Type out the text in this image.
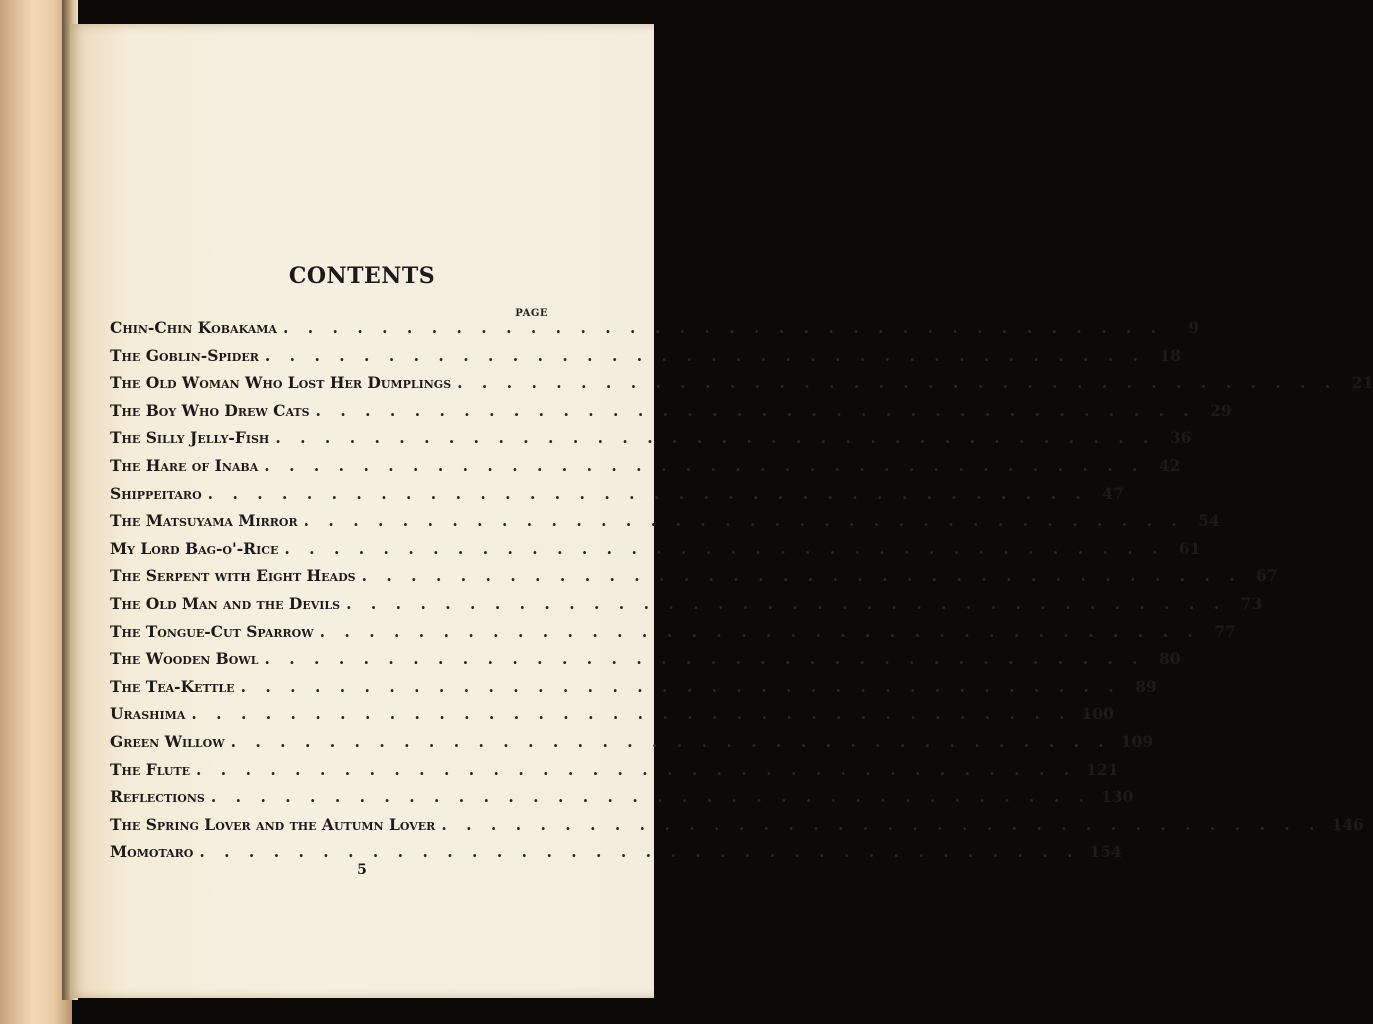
CONTENTS
PAGE
Chin-Chin Kobakama . . . . . . . . . . . . . . . . . . . . . . . . . . . . . . . . . . . .	9
The Goblin-Spider . . . . . . . . . . . . . . . . . . . . . . . . . . . . . . . . . . . . 18
The Old Woman Who Lost Her Dumplings . . . . . . . . . . . . . . . . . . . . . . . . . . . . . . . . . . . . 21
The Boy Who Drew Cats . . . . . . . . . . . . . . . . . . . . . . . . . . . . . . . . . . . . 29
The Silly Jelly-Fish . . . . . . . . . . . . . . . . . . . . . . . . . . . . . . . . . . . . 36
The Hare of Inaba . . . . . . . . . . . . . . . . . . . . . . . . . . . . . . . . . . . . 42
Shippeitaro . . . . . . . . . . . . . . . . . . . . . . . . . . . . . . . . . . . . 47
The Matsuyama Mirror . . . . . . . . . . . . . . . . . . . . . . . . . . . . . . . . . . . . 54
My Lord Bag-o'-Rice . . . . . . . . . . . . . . . . . . . . . . . . . . . . . . . . . . . . 61
The Serpent with Eight Heads . . . . . . . . . . . . . . . . . . . . . . . . . . . . . . . . . . . . 67
The Old Man and the Devils . . . . . . . . . . . . . . . . . . . . . . . . . . . . . . . . . . . . 73
The Tongue-Cut Sparrow . . . . . . . . . . . . . . . . . . . . . . . . . . . . . . . . . . . . 77
The Wooden Bowl . . . . . . . . . . . . . . . . . . . . . . . . . . . . . . . . . . . . 80
The Tea-Kettle . . . . . . . . . . . . . . . . . . . . . . . . . . . . . . . . . . . . 89
Urashima . . . . . . . . . . . . . . . . . . . . . . . . . . . . . . . . . . . . 100
Green Willow . . . . . . . . . . . . . . . . . . . . . . . . . . . . . . . . . . . . 109
The Flute . . . . . . . . . . . . . . . . . . . . . . . . . . . . . . . . . . . . 121
Reflections . . . . . . . . . . . . . . . . . . . . . . . . . . . . . . . . . . . . 130
The Spring Lover and the Autumn Lover . . . . . . . . . . . . . . . . . . . . . . . . . . . . . . . . . . . . 146
Momotaro . . . . . . . . . . . . . . . . . . . . . . . . . . . . . . . . . . . . 154
5
